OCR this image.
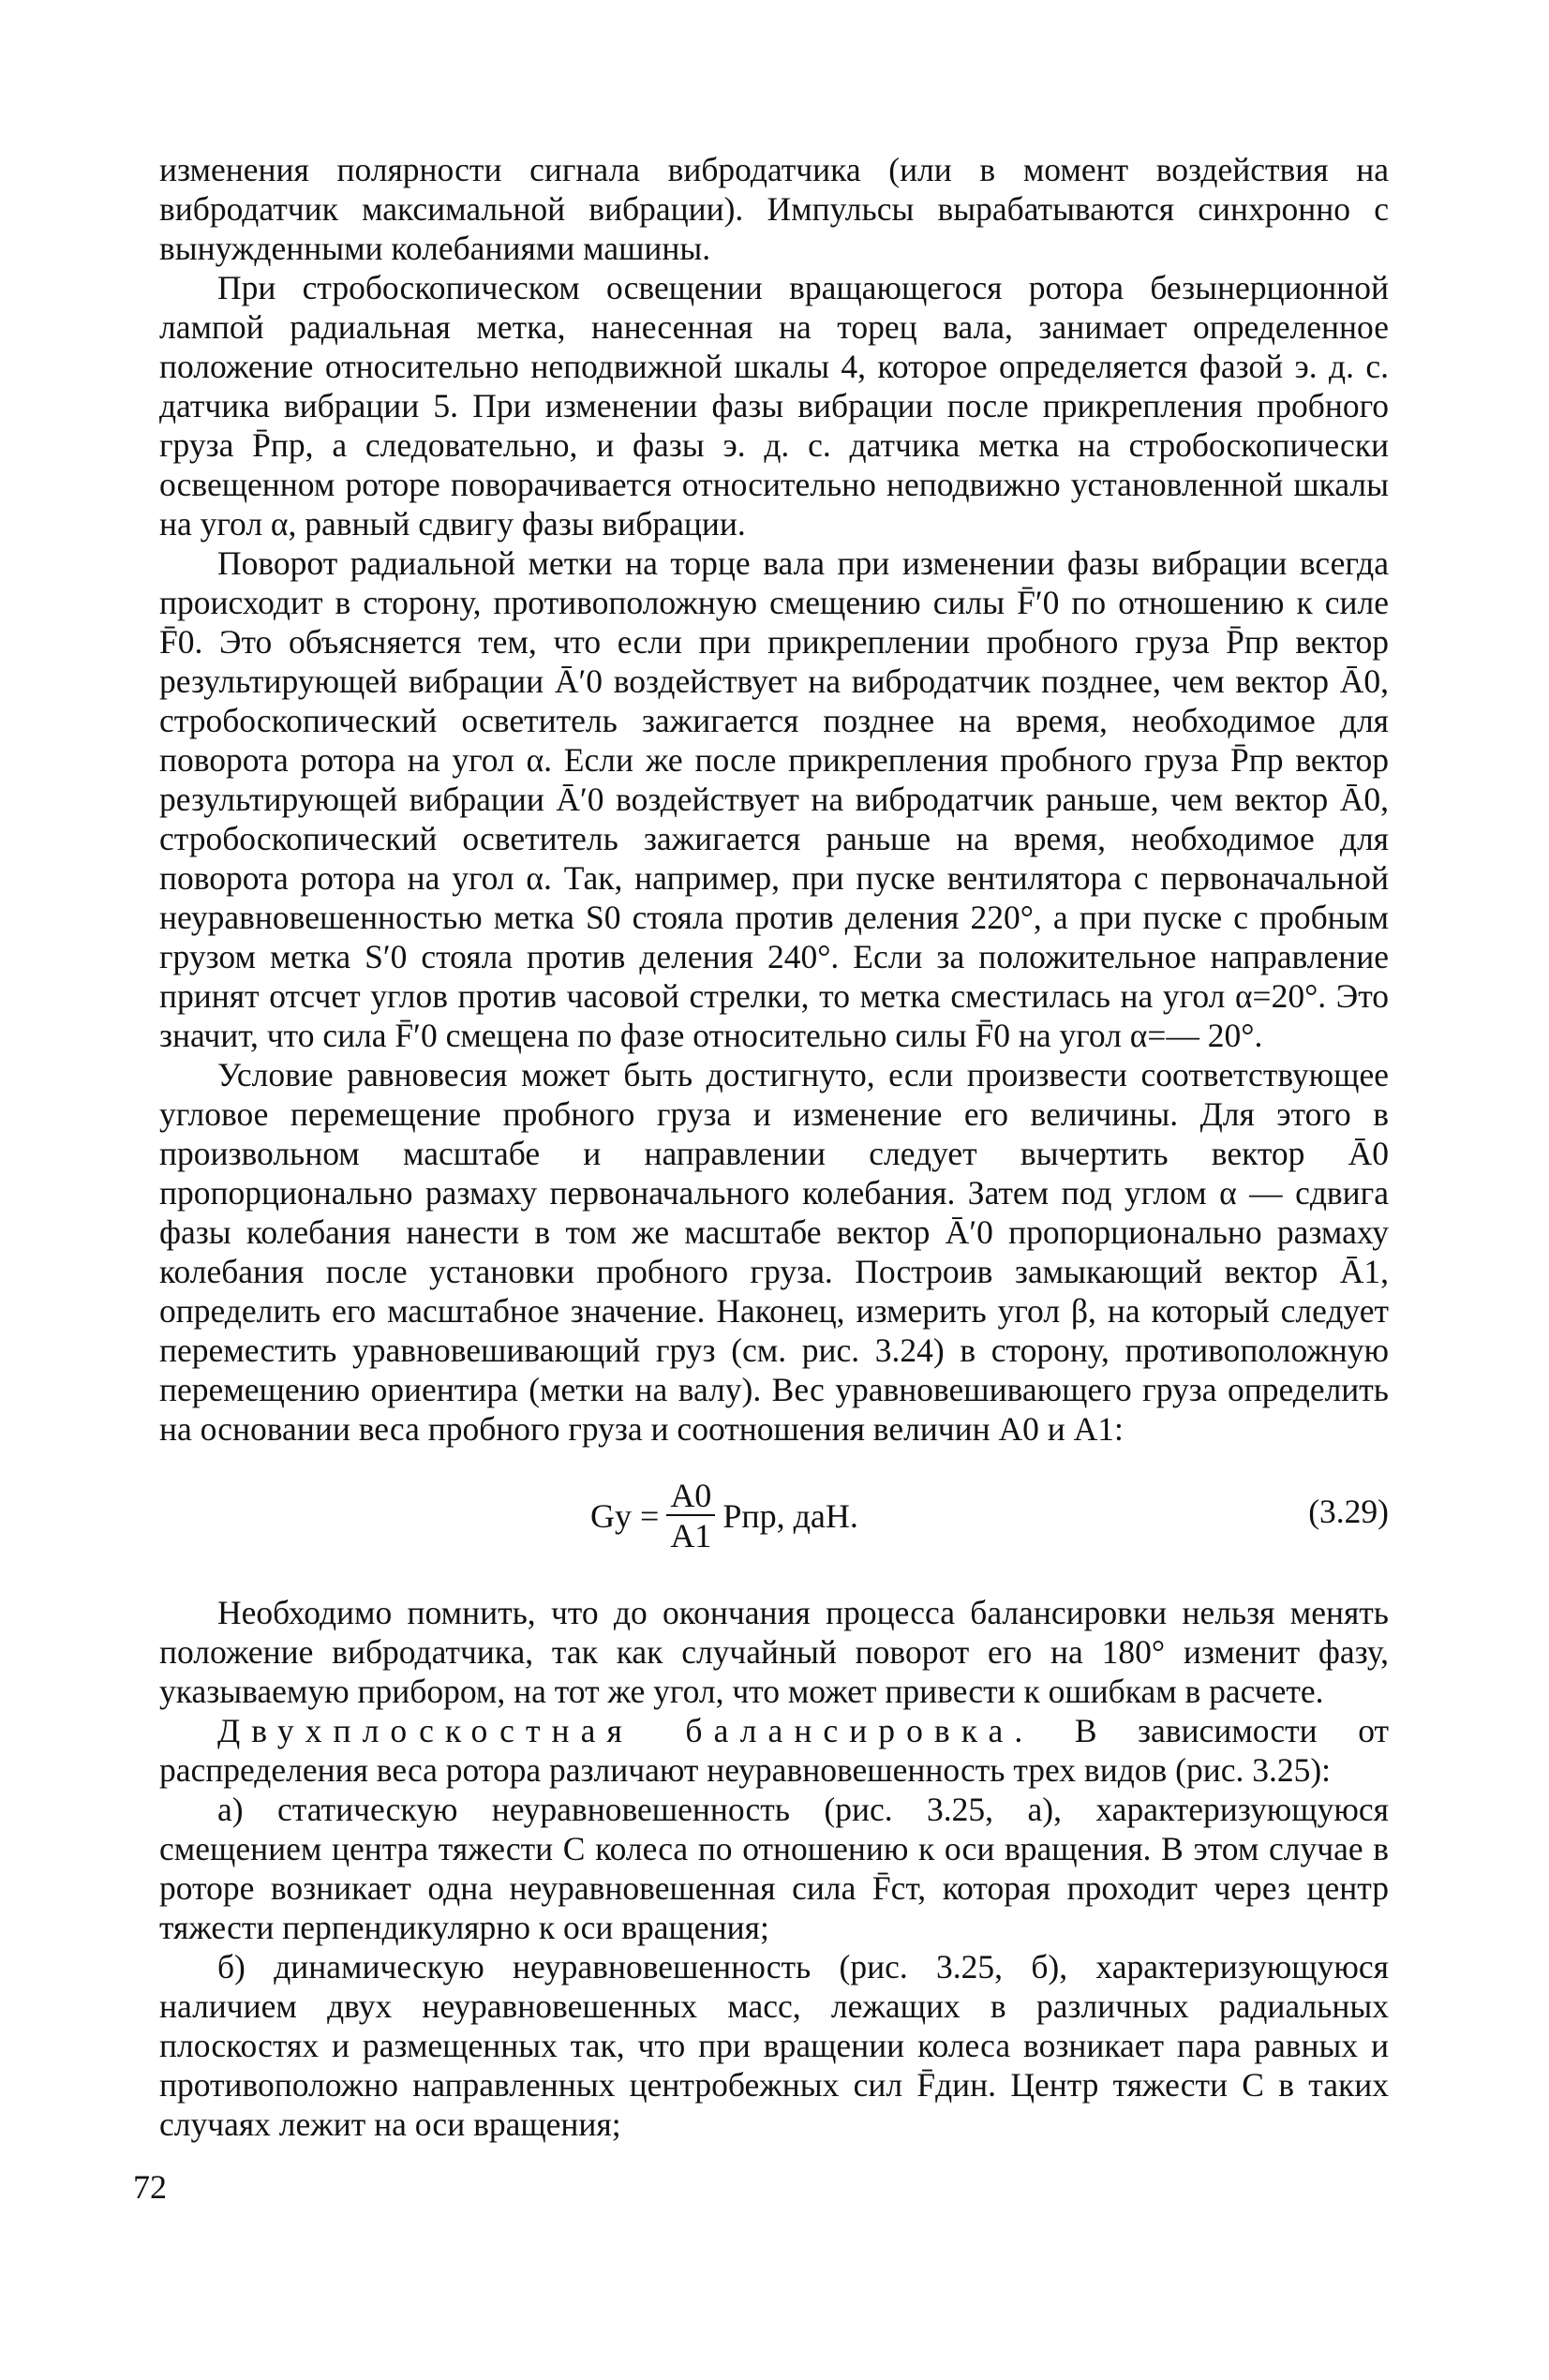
изменения полярности сигнала вибродатчика (или в момент воздействия на вибродатчик максимальной вибрации). Импульсы вырабатываются синхронно с вынужденными колебаниями машины.

При стробоскопическом освещении вращающегося ротора безынерционной лампой радиальная метка, нанесенная на торец вала, занимает определенное положение относительно неподвижной шкалы 4, которое определяется фазой э. д. с. датчика вибрации 5. При изменении фазы вибрации после прикрепления пробного груза P̄пр, а следовательно, и фазы э. д. с. датчика метка на стробоскопически освещенном роторе поворачивается относительно неподвижно установленной шкалы на угол α, равный сдвигу фазы вибрации.

Поворот радиальной метки на торце вала при изменении фазы вибрации всегда происходит в сторону, противоположную смещению силы F̄′0 по отношению к силе F̄0. Это объясняется тем, что если при прикреплении пробного груза P̄пр вектор результирующей вибрации Ā′0 воздействует на вибродатчик позднее, чем вектор Ā0, стробоскопический осветитель зажигается позднее на время, необходимое для поворота ротора на угол α. Если же после прикрепления пробного груза P̄пр вектор результирующей вибрации Ā′0 воздействует на вибродатчик раньше, чем вектор Ā0, стробоскопический осветитель зажигается раньше на время, необходимое для поворота ротора на угол α. Так, например, при пуске вентилятора с первоначальной неуравновешенностью метка S0 стояла против деления 220°, а при пуске с пробным грузом метка S′0 стояла против деления 240°. Если за положительное направление принят отсчет углов против часовой стрелки, то метка сместилась на угол α=20°. Это значит, что сила F̄′0 смещена по фазе относительно силы F̄0 на угол α=— 20°.

Условие равновесия может быть достигнуто, если произвести соответствующее угловое перемещение пробного груза и изменение его величины. Для этого в произвольном масштабе и направлении следует вычертить вектор Ā0 пропорционально размаху первоначального колебания. Затем под углом α — сдвига фазы колебания нанести в том же масштабе вектор Ā′0 пропорционально размаху колебания после установки пробного груза. Построив замыкающий вектор Ā1, определить его масштабное значение. Наконец, измерить угол β, на который следует переместить уравновешивающий груз (см. рис. 3.24) в сторону, противоположную перемещению ориентира (метки на валу). Вес уравновешивающего груза определить на основании веса пробного груза и соотношения величин A0 и A1:

Gу = $\frac{A0}{A1}$ Pпр, даН.	(3.29)

Необходимо помнить, что до окончания процесса балансировки нельзя менять положение вибродатчика, так как случайный поворот его на 180° изменит фазу, указываемую прибором, на тот же угол, что может привести к ошибкам в расчете.

Двухплоскостная балансировка. В зависимости от распределения веса ротора различают неуравновешенность трех видов (рис. 3.25):

а) статическую неуравновешенность (рис. 3.25, а), характеризующуюся смещением центра тяжести C колеса по отношению к оси вращения. В этом случае в роторе возникает одна неуравновешенная сила F̄ст, которая проходит через центр тяжести перпендикулярно к оси вращения;

б) динамическую неуравновешенность (рис. 3.25, б), характеризующуюся наличием двух неуравновешенных масс, лежащих в различных радиальных плоскостях и размещенных так, что при вращении колеса возникает пара равных и противоположно направленных центробежных сил F̄дин. Центр тяжести C в таких случаях лежит на оси вращения;

72
